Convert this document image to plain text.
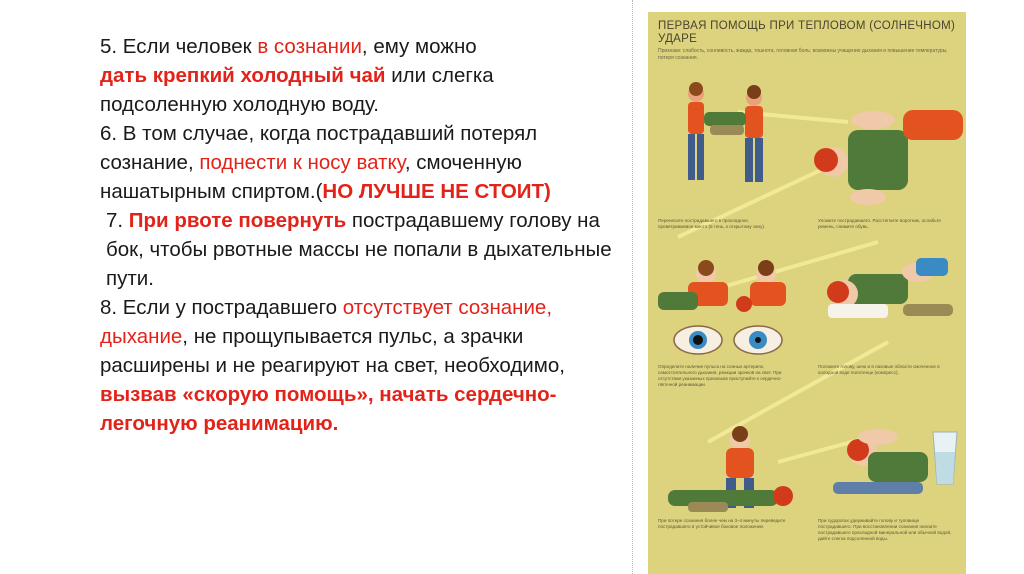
5. Если человек в сознании, ему можно
дать крепкий холодный чай или слегка подсоленную холодную воду.

6. В том случае, когда пострадавший потерял сознание, поднести к носу ватку, смоченную нашатырным спиртом.(НО ЛУЧШЕ НЕ СТОИТ)

7. При рвоте повернуть пострадавшему голову на бок, чтобы рвотные массы не попали в дыхательные пути.

8. Если у пострадавшего отсутствует сознание, дыхание, не прощупывается пульс, а зрачки расширены и не реагируют на свет, необходимо, вызвав «скорую помощь», начать сердечно-легочную реанимацию.

ПЕРВАЯ ПОМОЩЬ ПРИ ТЕПЛОВОМ (СОЛНЕЧНОМ) УДАРЕ
Признаки: слабость, сонливость, жажда, тошнота, головная боль; возможны учащение дыхания и повышение температуры, потеря сознания.
Перенесите пострадавшего в прохладное, проветриваемое место (в тень, к открытому окну).
Уложите пострадавшего. Расстегните воротник, ослабьте ремень, снимите обувь.
Определите наличие пульса на сонных артериях, самостоятельного дыхания, реакции зрачков на свет. При отсутствии указанных признаков приступайте к сердечно-лёгочной реанимации.
Положите голову, шею и в паховые области смоченное в холодной воде полотенце (компресс).
При потере сознания более чем на 3–4 минуты переведите пострадавшего в устойчивое боковое положение.
При судорогах удерживайте голову и туловище пострадавшего. При восстановлении сознания напоите пострадавшего прохладной минеральной или обычной водой, дайте слегка подсоленной воды.
